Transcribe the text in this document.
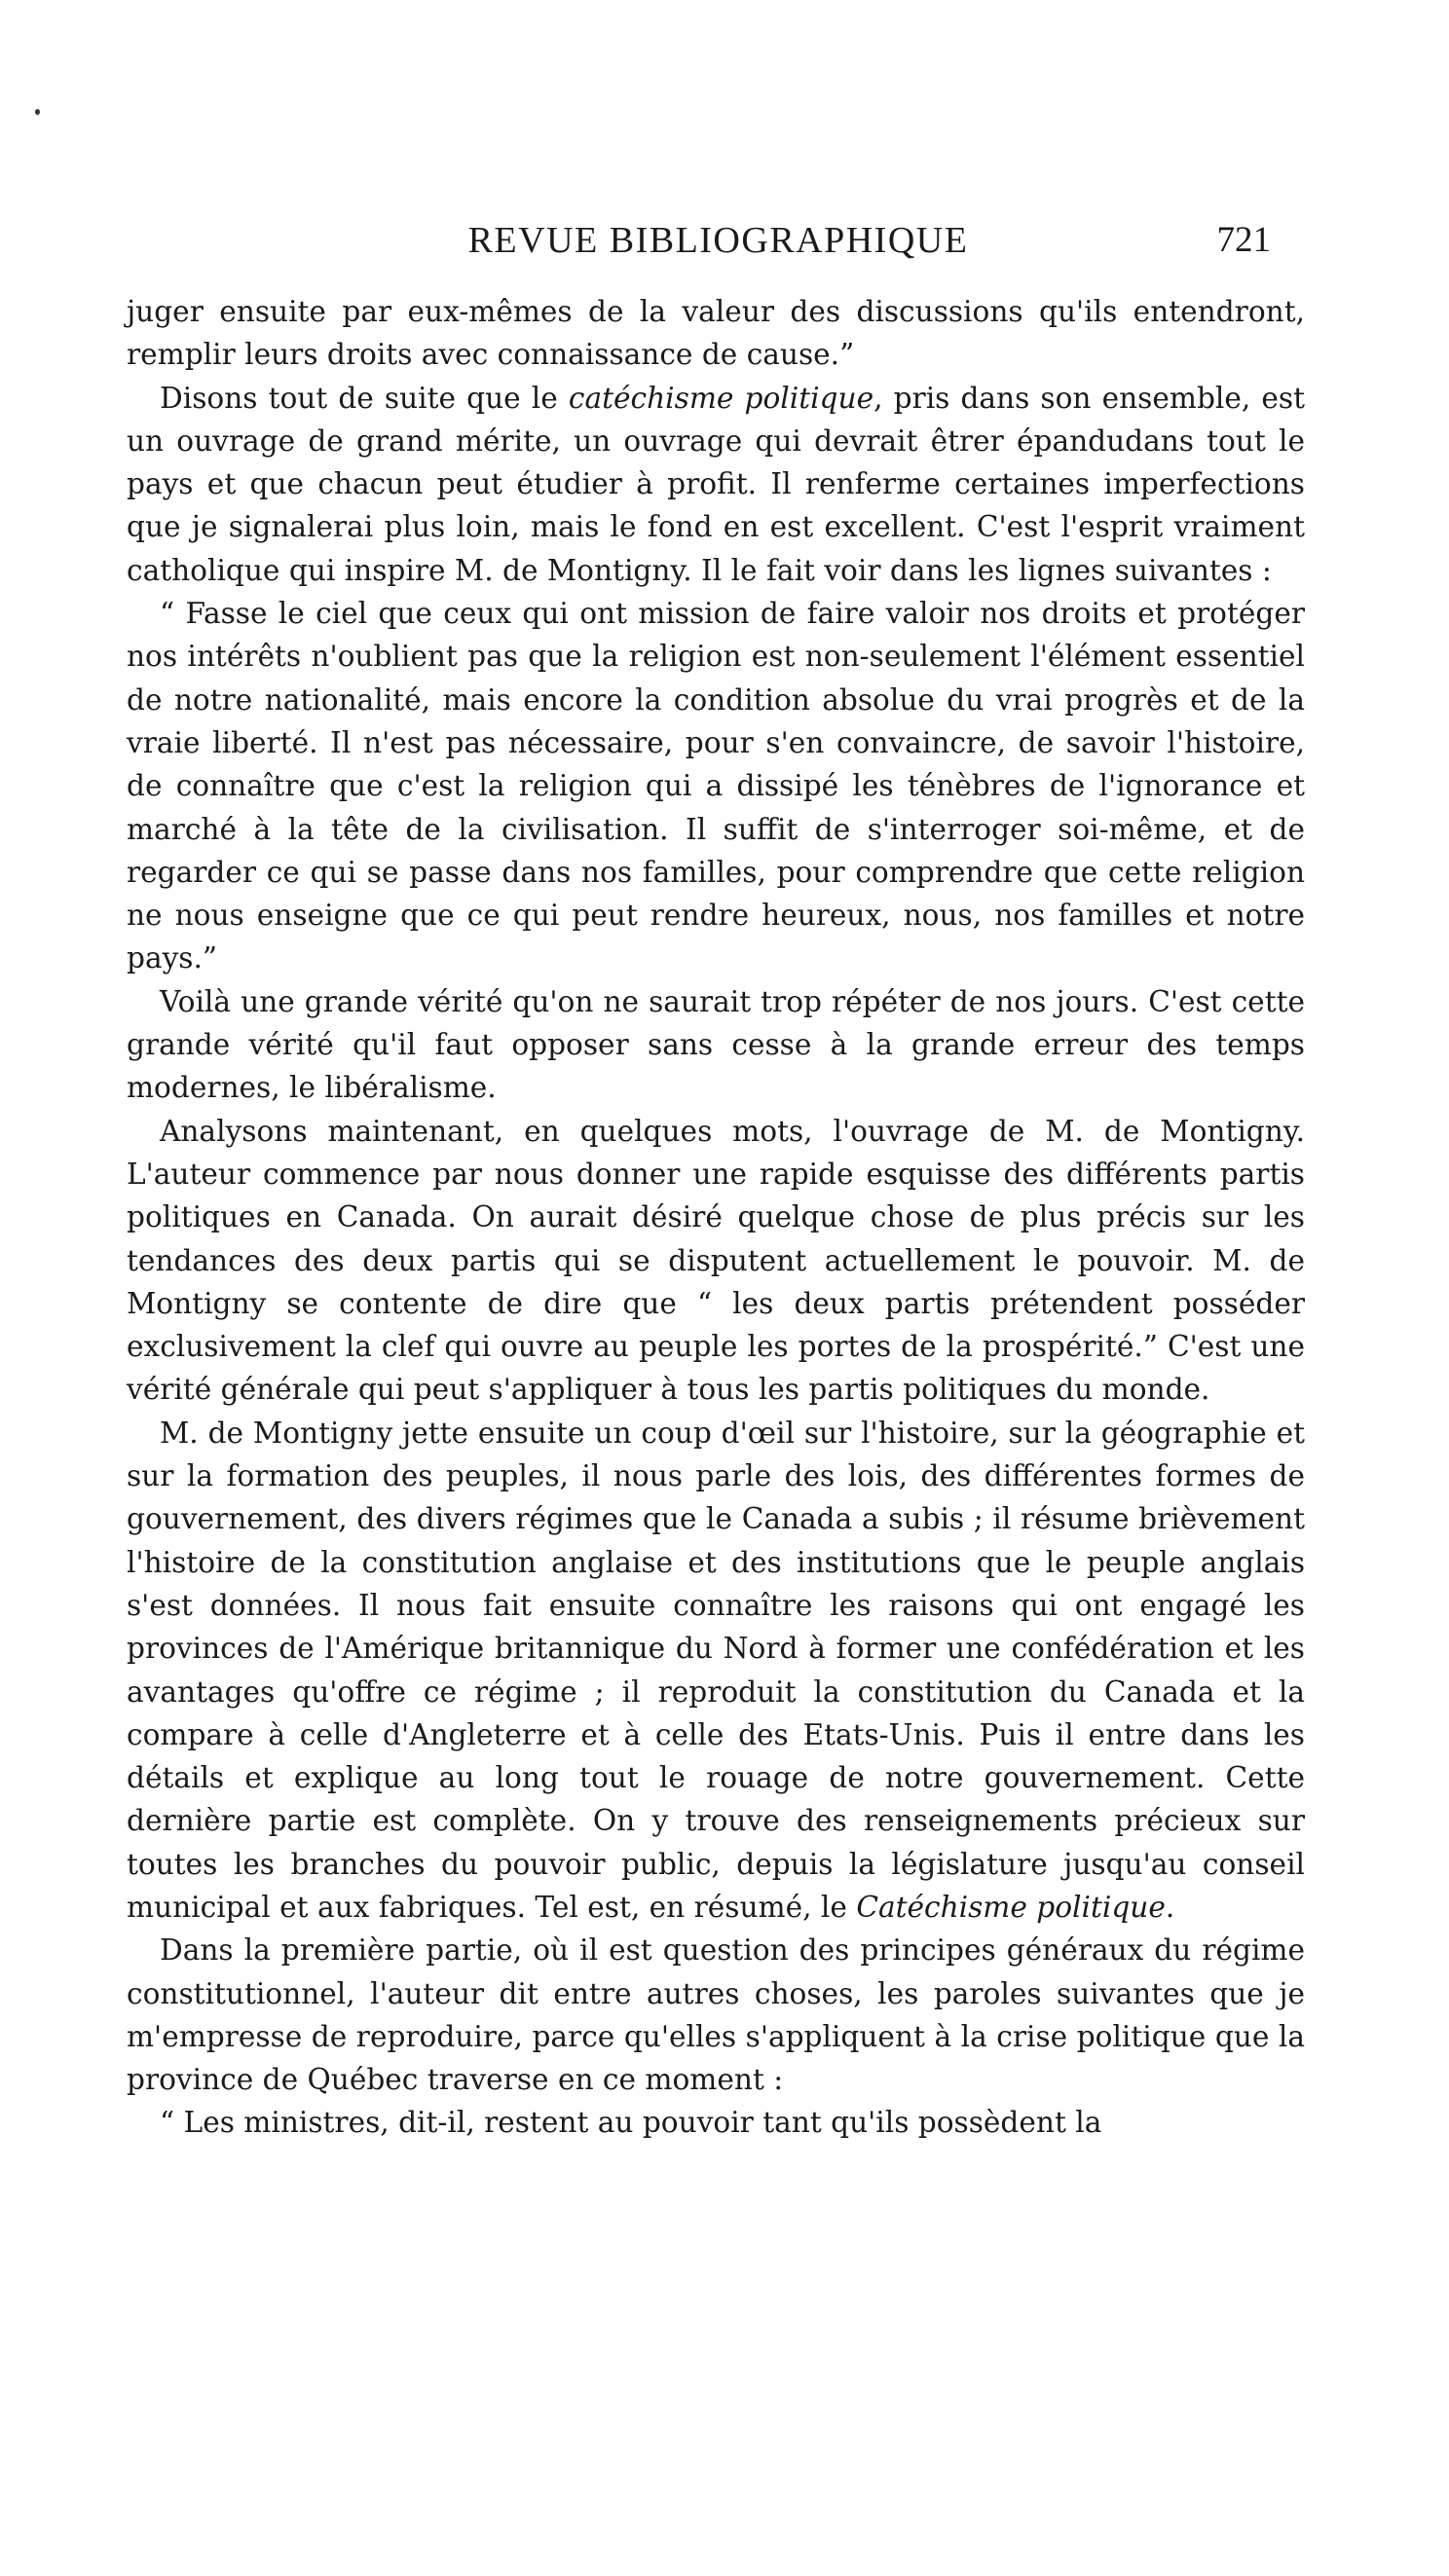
REVUE BIBLIOGRAPHIQUE	721

juger ensuite par eux-mêmes de la valeur des discussions qu'ils entendront, remplir leurs droits avec connaissance de cause.”

Disons tout de suite que le catéchisme politique, pris dans son ensemble, est un ouvrage de grand mérite, un ouvrage qui devrait êtrer épandudans tout le pays et que chacun peut étudier à profit. Il renferme certaines imperfections que je signalerai plus loin, mais le fond en est excellent. C'est l'esprit vraiment catholique qui inspire M. de Montigny. Il le fait voir dans les lignes suivantes :

“ Fasse le ciel que ceux qui ont mission de faire valoir nos droits et protéger nos intérêts n'oublient pas que la religion est non-seulement l'élément essentiel de notre nationalité, mais encore la condition absolue du vrai progrès et de la vraie liberté. Il n'est pas nécessaire, pour s'en convaincre, de savoir l'histoire, de connaître que c'est la religion qui a dissipé les ténèbres de l'ignorance et marché à la tête de la civilisation. Il suffit de s'interroger soi-même, et de regarder ce qui se passe dans nos familles, pour comprendre que cette religion ne nous enseigne que ce qui peut rendre heureux, nous, nos familles et notre pays.”

Voilà une grande vérité qu'on ne saurait trop répéter de nos jours. C'est cette grande vérité qu'il faut opposer sans cesse à la grande erreur des temps modernes, le libéralisme.

Analysons maintenant, en quelques mots, l'ouvrage de M. de Montigny. L'auteur commence par nous donner une rapide esquisse des différents partis politiques en Canada. On aurait désiré quelque chose de plus précis sur les tendances des deux partis qui se disputent actuellement le pouvoir. M. de Montigny se contente de dire que “ les deux partis prétendent posséder exclusivement la clef qui ouvre au peuple les portes de la prospérité.” C'est une vérité générale qui peut s'appliquer à tous les partis politiques du monde.

M. de Montigny jette ensuite un coup d'œil sur l'histoire, sur la géographie et sur la formation des peuples, il nous parle des lois, des différentes formes de gouvernement, des divers régimes que le Canada a subis ; il résume brièvement l'histoire de la constitution anglaise et des institutions que le peuple anglais s'est données. Il nous fait ensuite connaître les raisons qui ont engagé les provinces de l'Amérique britannique du Nord à former une confédération et les avantages qu'offre ce régime ; il reproduit la constitution du Canada et la compare à celle d'Angleterre et à celle des Etats-Unis. Puis il entre dans les détails et explique au long tout le rouage de notre gouvernement. Cette dernière partie est complète. On y trouve des renseignements précieux sur toutes les branches du pouvoir public, depuis la législature jusqu'au conseil municipal et aux fabriques. Tel est, en résumé, le Catéchisme politique.

Dans la première partie, où il est question des principes généraux du régime constitutionnel, l'auteur dit entre autres choses, les paroles suivantes que je m'empresse de reproduire, parce qu'elles s'appliquent à la crise politique que la province de Québec traverse en ce moment :

“ Les ministres, dit-il, restent au pouvoir tant qu'ils possèdent la
